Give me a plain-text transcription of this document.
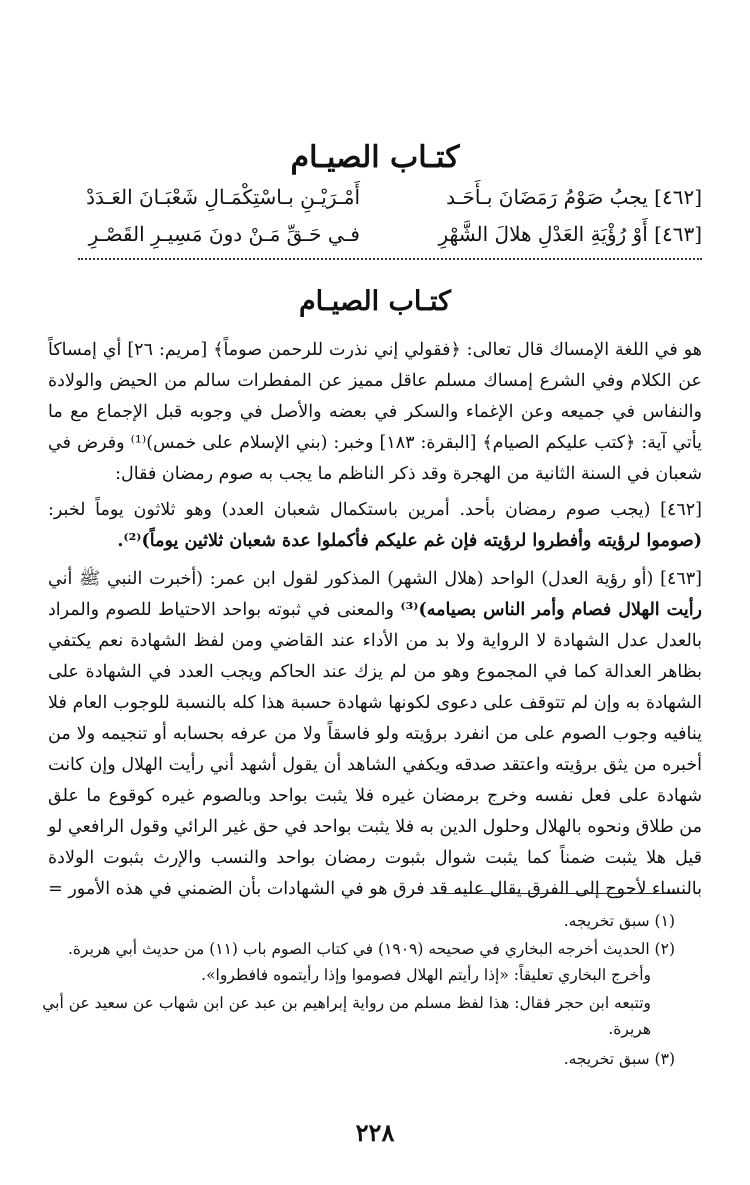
كتـاب الصيـام
[٤٦٢] يجبُ صَوْمُ رَمَضَانَ بـأَحَـد
أَمْـرَيْـنِ بـاسْتِكْمَـالِ شَعْبَـانَ العَـدَدْ
[٤٦٣] أَوْ رُؤْيَةِ العَدْلِ هلالَ الشَّهْرِ
فـي حَـقِّ مَـنْ دونَ مَسِيـرِ القَصْـرِ
كتـاب الصيـام
هو في اللغة الإمساك قال تعالى: ﴿فقولي إني نذرت للرحمن صوماً﴾ [مريم: ٢٦] أي إمساكاً عن الكلام وفي الشرع إمساك مسلم عاقل مميز عن المفطرات سالم من الحيض والولادة والنفاس في جميعه وعن الإغماء والسكر في بعضه والأصل في وجوبه قبل الإجماع مع ما يأتي آية: ﴿كتب عليكم الصيام﴾ [البقرة: ١٨٣] وخبر: (بني الإسلام على خمس)⁽¹⁾ وفرض في شعبان في السنة الثانية من الهجرة وقد ذكر الناظم ما يجب به صوم رمضان فقال:
[٤٦٢] (يجب صوم رمضان بأحد. أمرين باستكمال شعبان العدد) وهو ثلاثون يوماً لخبر: (صوموا لرؤيته وأفطروا لرؤيته فإن غم عليكم فأكملوا عدة شعبان ثلاثين يوماً)⁽²⁾.
[٤٦٣] (أو رؤية العدل) الواحد (هلال الشهر) المذكور لقول ابن عمر: (أخبرت النبي ﷺ أني رأيت الهلال فصام وأمر الناس بصيامه)⁽³⁾ والمعنى في ثبوته بواحد الاحتياط للصوم والمراد بالعدل عدل الشهادة لا الرواية ولا بد من الأداء عند القاضي ومن لفظ الشهادة نعم يكتفي بظاهر العدالة كما في المجموع وهو من لم يزك عند الحاكم ويجب العدد في الشهادة على الشهادة به وإن لم تتوقف على دعوى لكونها شهادة حسبة هذا كله بالنسبة للوجوب العام فلا ينافيه وجوب الصوم على من انفرد برؤيته ولو فاسقاً ولا من عرفه بحسابه أو تنجيمه ولا من أخبره من يثق برؤيته واعتقد صدقه ويكفي الشاهد أن يقول أشهد أني رأيت الهلال وإن كانت شهادة على فعل نفسه وخرج برمضان غيره فلا يثبت بواحد وبالصوم غيره كوقوع ما علق من طلاق ونحوه بالهلال وحلول الدين به فلا يثبت بواحد في حق غير الرائي وقول الرافعي لو قيل هلا يثبت ضمناً كما يثبت شوال بثبوت رمضان بواحد والنسب والإرث بثبوت الولادة بالنساء لأحوج إلى الفرق يقال عليه قد فرق هو في الشهادات بأن الضمني في هذه الأمور =
(١) سبق تخريجه.
(٢) الحديث أخرجه البخاري في صحيحه (١٩٠٩) في كتاب الصوم باب (١١) من حديث أبي هريرة.
وأخرج البخاري تعليقاً: «إذا رأيتم الهلال فصوموا وإذا رأيتموه فافطروا».
وتتبعه ابن حجر فقال: هذا لفظ مسلم من رواية إبراهيم بن عبد عن ابن شهاب عن سعيد عن أبي هريرة.
(٣) سبق تخريجه.
٢٢٨
